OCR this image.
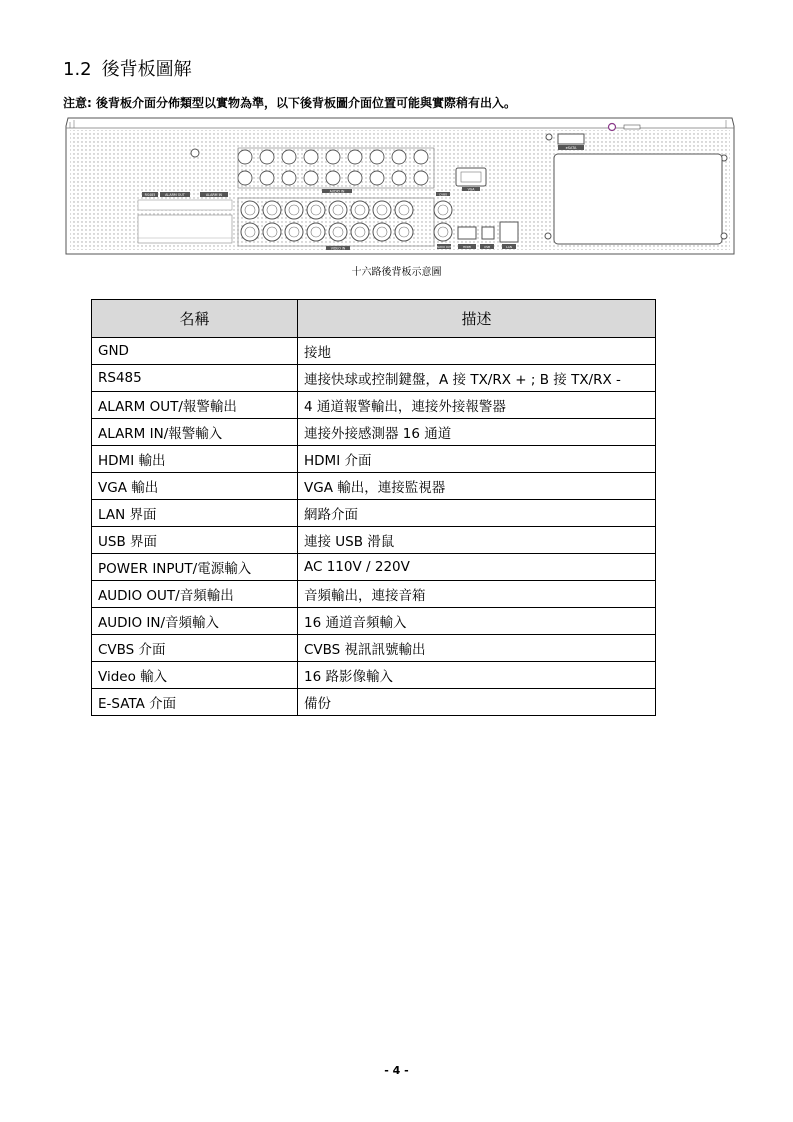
1.2 後背板圖解
注意: 後背板介面分佈類型以實物為準，以下後背板圖介面位置可能與實際稍有出入。
eSATA
RS485	ALARM OUT	ALARM IN
AUDIO IN
VIDEO IN
CVBS
AUDIO OUT
VGA
HDMI	USB	LAN
十六路後背板示意圖
名稱	描述
GND	接地
RS485	連接快球或控制鍵盤，A 接 TX/RX + ; B 接 TX/RX -
ALARM OUT/報警輸出	4 通道報警輸出，連接外接報警器
ALARM IN/報警輸入	連接外接感測器 16 通道
HDMI 輸出	HDMI 介面
VGA 輸出	VGA 輸出，連接監視器
LAN 界面	網路介面
USB 界面	連接 USB 滑鼠
POWER INPUT/電源輸入	AC 110V / 220V
AUDIO OUT/音頻輸出	音頻輸出，連接音箱
AUDIO IN/音頻輸入	16 通道音頻輸入
CVBS 介面	CVBS 視訊訊號輸出
Video 輸入	16 路影像輸入
E-SATA 介面	備份
- 4 -
